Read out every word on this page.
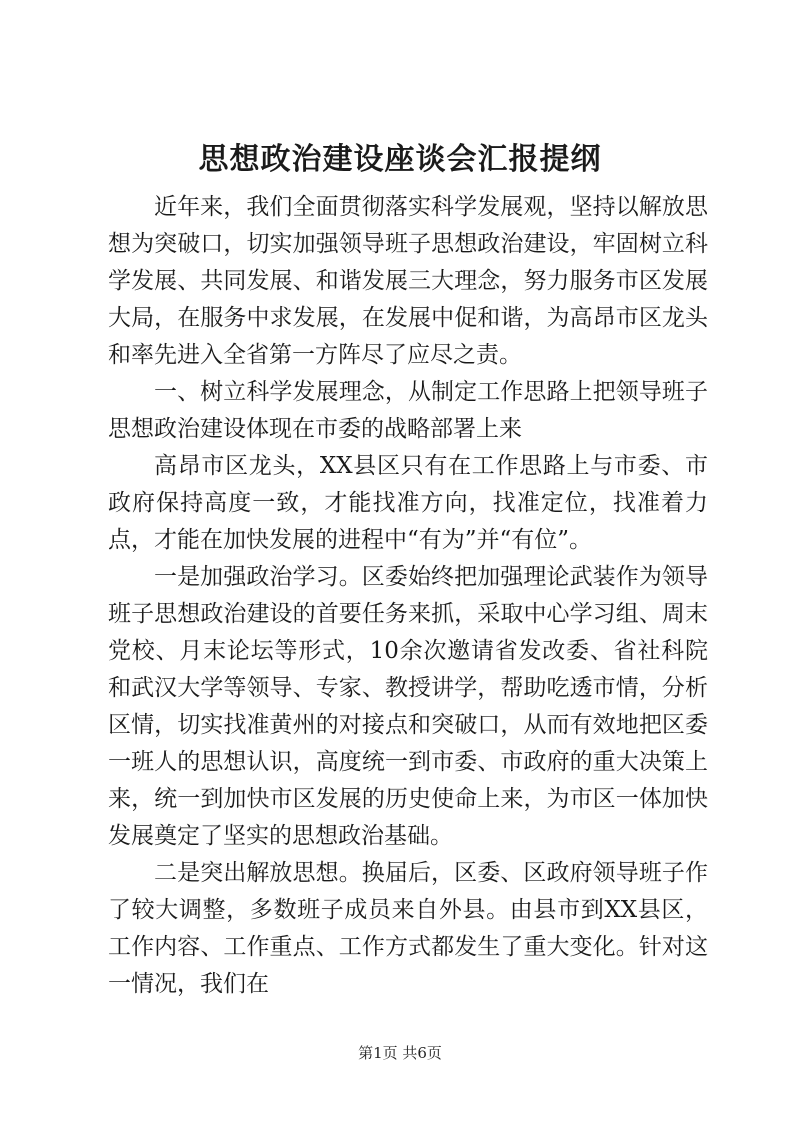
思想政治建设座谈会汇报提纲

近年来，我们全面贯彻落实科学发展观，坚持以解放思想为突破口，切实加强领导班子思想政治建设，牢固树立科学发展、共同发展、和谐发展三大理念，努力服务市区发展大局，在服务中求发展，在发展中促和谐，为高昂市区龙头和率先进入全省第一方阵尽了应尽之责。

一、树立科学发展理念，从制定工作思路上把领导班子思想政治建设体现在市委的战略部署上来

高昂市区龙头，XX县区只有在工作思路上与市委、市政府保持高度一致，才能找准方向，找准定位，找准着力点，才能在加快发展的进程中“有为”并“有位”。

一是加强政治学习。区委始终把加强理论武装作为领导班子思想政治建设的首要任务来抓，采取中心学习组、周末党校、月末论坛等形式，10余次邀请省发改委、省社科院和武汉大学等领导、专家、教授讲学，帮助吃透市情，分析区情，切实找准黄州的对接点和突破口，从而有效地把区委一班人的思想认识，高度统一到市委、市政府的重大决策上来，统一到加快市区发展的历史使命上来，为市区一体加快发展奠定了坚实的思想政治基础。

二是突出解放思想。换届后，区委、区政府领导班子作了较大调整，多数班子成员来自外县。由县市到XX县区，工作内容、工作重点、工作方式都发生了重大变化。针对这一情况，我们在

第1页 共6页
